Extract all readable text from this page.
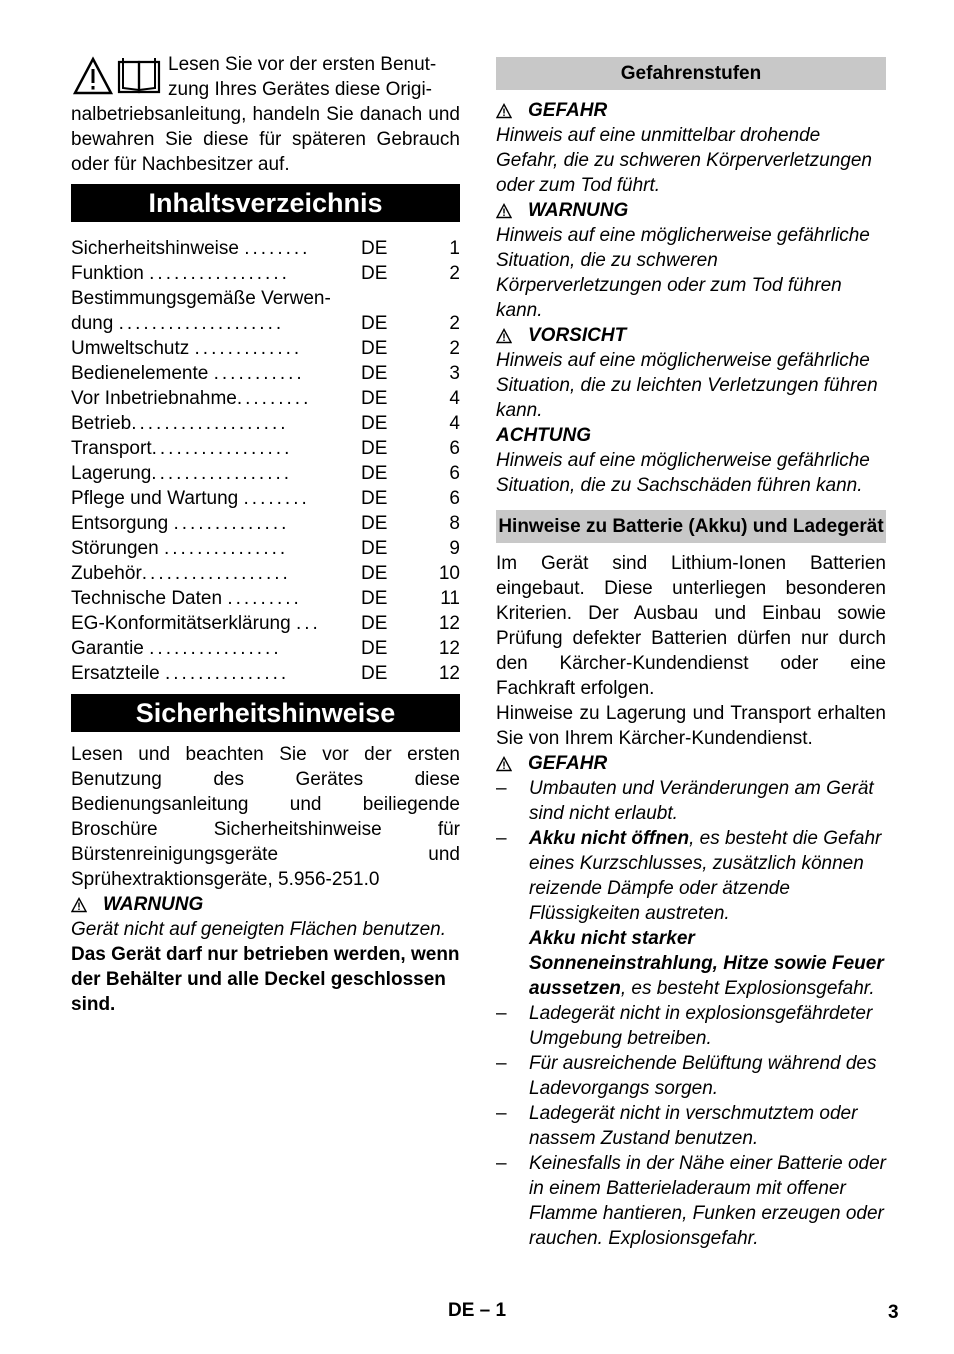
Lesen Sie vor der ersten Benut-

zung Ihres Gerätes diese Origi-

nalbetriebsanleitung, handeln Sie danach und bewahren Sie diese für späteren Gebrauch oder für Nachbesitzer auf.

Inhaltsverzeichnis
Sicherheitshinweise ........	DE	1
Funktion .................	DE	2
Bestimmungsgemäße Verwen-
dung ....................	DE	2
Umweltschutz .............	DE	2
Bedienelemente ...........	DE	3
Vor Inbetriebnahme.........	DE	4
Betrieb...................	DE	4
Transport.................	DE	6
Lagerung.................	DE	6
Pflege und Wartung ........	DE	6
Entsorgung ..............	DE	8
Störungen ...............	DE	9
Zubehör..................	DE	10
Technische Daten .........	DE	11
EG-Konformitätserklärung ...	DE	12
Garantie ................	DE	12
Ersatzteile ...............	DE	12
Sicherheitshinweise

Lesen und beachten Sie vor der ersten Benutzung des Gerätes diese Bedienungsanleitung und beiliegende Broschüre Sicherheitshinweise für Bürstenreinigungsgeräte und Sprühextraktionsgeräte, 5.956-251.0

WARNUNG

Gerät nicht auf geneigten Flächen benutzen.

Das Gerät darf nur betrieben werden, wenn der Behälter und alle Deckel geschlossen sind.

Gefahrenstufen
GEFAHR

Hinweis auf eine unmittelbar drohende Gefahr, die zu schweren Körperverletzungen oder zum Tod führt.

WARNUNG

Hinweis auf eine möglicherweise gefährliche Situation, die zu schweren Körperverletzungen oder zum Tod führen kann.

VORSICHT

Hinweis auf eine möglicherweise gefährliche Situation, die zu leichten Verletzungen führen kann.

ACHTUNG

Hinweis auf eine möglicherweise gefährliche Situation, die zu Sachschäden führen kann.

Hinweise zu Batterie (Akku) und Ladegerät

Im Gerät sind Lithium-Ionen Batterien eingebaut. Diese unterliegen besonderen Kriterien. Der Ausbau und Einbau sowie Prüfung defekter Batterien dürfen nur durch den Kärcher-Kundendienst oder eine Fachkraft erfolgen.

Hinweise zu Lagerung und Transport erhalten Sie von Ihrem Kärcher-Kundendienst.

GEFAHR
– Umbauten und Veränderungen am Gerät sind nicht erlaubt.
– Akku nicht öffnen, es besteht die Gefahr eines Kurzschlusses, zusätzlich können reizende Dämpfe oder ätzende Flüssigkeiten austreten.
Akku nicht starker Sonneneinstrahlung, Hitze sowie Feuer aussetzen, es besteht Explosionsgefahr.
– Ladegerät nicht in explosionsgefährdeter Umgebung betreiben.
– Für ausreichende Belüftung während des Ladevorgangs sorgen.
– Ladegerät nicht in verschmutztem oder nassem Zustand benutzen.
– Keinesfalls in der Nähe einer Batterie oder in einem Batterieladeraum mit offener Flamme hantieren, Funken erzeugen oder rauchen. Explosionsgefahr.
DE – 1	3
